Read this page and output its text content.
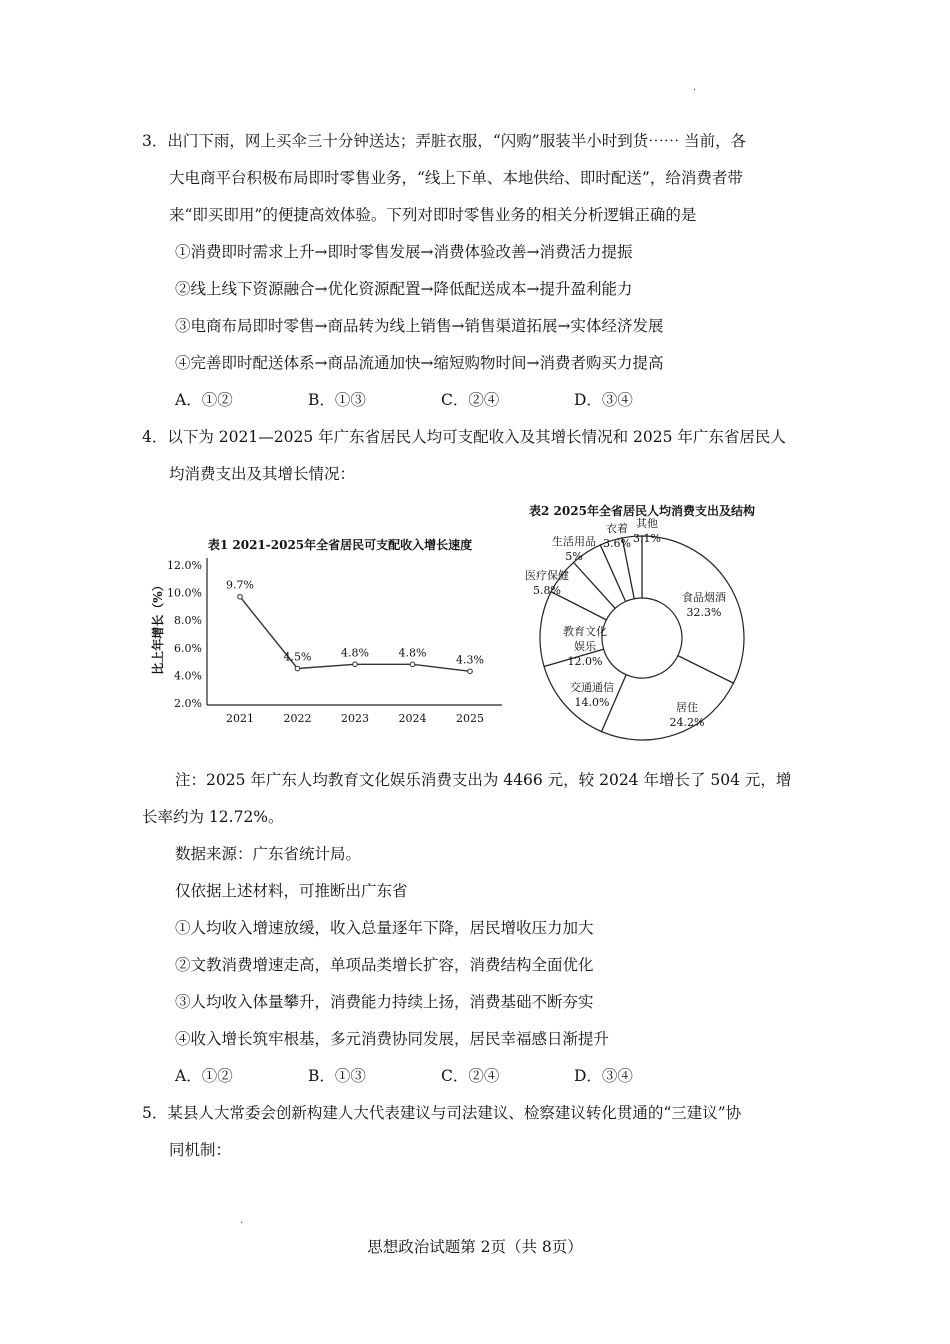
.
3．出门下雨，网上买伞三十分钟送达；弄脏衣服，“闪购”服装半小时到货⋯⋯ 当前，各
大电商平台积极布局即时零售业务，“线上下单、本地供给、即时配送”，给消费者带
来“即买即用”的便捷高效体验。下列对即时零售业务的相关分析逻辑正确的是
①消费即时需求上升→即时零售发展→消费体验改善→消费活力提振
②线上线下资源融合→优化资源配置→降低配送成本→提升盈利能力
③电商布局即时零售→商品转为线上销售→销售渠道拓展→实体经济发展
④完善即时配送体系→商品流通加快→缩短购物时间→消费者购买力提高
A．①②	B．①③	C．②④	D．③④
4．以下为 2021—2025 年广东省居民人均可支配收入及其增长情况和 2025 年广东省居民人
均消费支出及其增长情况：
表1 2021-2025年全省居民可支配收入增长速度
比上年增长（%）
12.0%
10.0%
8.0%
6.0%
4.0%
2.0%
2021	2022	2023	2024	2025
9.7%
4.5%	4.8%	4.8%
4.3%
表2 2025年全省居民人均消费支出及结构
食品烟酒
32.3%
居住
24.2%
交通通信
14.0%
教育文化
娱乐
12.0%
医疗保健
5.8%
生活用品
5%
衣着
3.6%
其他
3.1%
注：2025 年广东人均教育文化娱乐消费支出为 4466 元，较 2024 年增长了 504 元，增
长率约为 12.72%。
数据来源：广东省统计局。
仅依据上述材料，可推断出广东省
①人均收入增速放缓，收入总量逐年下降，居民增收压力加大
②文教消费增速走高，单项品类增长扩容，消费结构全面优化
③人均收入体量攀升，消费能力持续上扬，消费基础不断夯实
④收入增长筑牢根基，多元消费协同发展，居民幸福感日渐提升
A．①②	B．①③	C．②④	D．③④
5．某县人大常委会创新构建人大代表建议与司法建议、检察建议转化贯通的“三建议”协
同机制：
.
思想政治试题第 2页（共 8页）
